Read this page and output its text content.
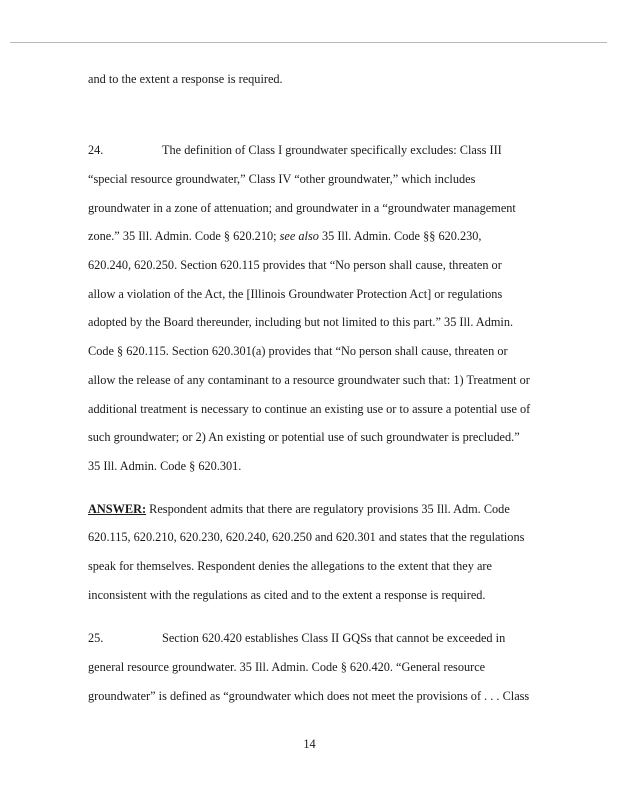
and to the extent a response is required.
24.	The definition of Class I groundwater specifically excludes: Class III
“special resource groundwater,” Class IV “other groundwater,” which includes
groundwater in a zone of attenuation; and groundwater in a “groundwater management
zone.” 35 Ill. Admin. Code § 620.210; see also 35 Ill. Admin. Code §§ 620.230,
620.240, 620.250. Section 620.115 provides that “No person shall cause, threaten or
allow a violation of the Act, the [Illinois Groundwater Protection Act] or regulations
adopted by the Board thereunder, including but not limited to this part.” 35 Ill. Admin.
Code § 620.115. Section 620.301(a) provides that “No person shall cause, threaten or
allow the release of any contaminant to a resource groundwater such that: 1) Treatment or
additional treatment is necessary to continue an existing use or to assure a potential use of
such groundwater; or 2) An existing or potential use of such groundwater is precluded.”
35 Ill. Admin. Code § 620.301.
ANSWER: Respondent admits that there are regulatory provisions 35 Ill. Adm. Code
620.115, 620.210, 620.230, 620.240, 620.250 and 620.301 and states that the regulations
speak for themselves. Respondent denies the allegations to the extent that they are
inconsistent with the regulations as cited and to the extent a response is required.
25.	Section 620.420 establishes Class II GQSs that cannot be exceeded in
general resource groundwater. 35 Ill. Admin. Code § 620.420. “General resource
groundwater” is defined as “groundwater which does not meet the provisions of . . . Class
14
